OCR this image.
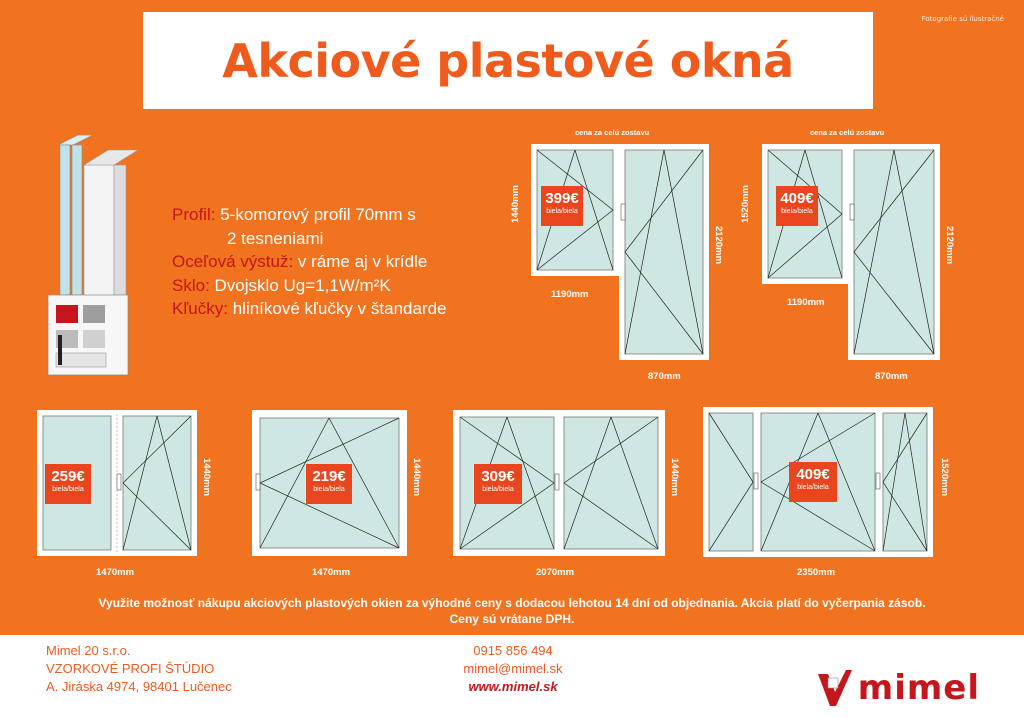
Fotografie sú ilustračné
Akciové plastové okná
Profil: 5-komorový profil 70mm s
2 tesneniami
Oceľová výstuž: v ráme aj v krídle
Sklo: Dvojsklo Ug=1,1W/m²K
Kľučky: hliníkové kľučky v štandarde
cena za celú zostavu
399€
biela/biela
1440mm
2120mm
1190mm
870mm
cena za celú zostavu
409€
biela/biela
1520mm
2120mm
1190mm
870mm
259€
biela/biela	1440mm
1470mm
219€
biela/biela	1440mm
1470mm
309€
biela/biela	1440mm
2070mm
409€
biela/biela	1520mm
2350mm
Využite možnosť nákupu akciových plastových okien za výhodné ceny s dodacou lehotou 14 dní od objednania. Akcia platí do vyčerpania zásob.
Ceny sú vrátane DPH.
Mimel 20 s.r.o.
VZORKOVÉ PROFI ŠTÚDIO
A. Jiráska 4974, 98401 Lučenec
0915 856 494
mimel@mimel.sk
www.mimel.sk	mimel
